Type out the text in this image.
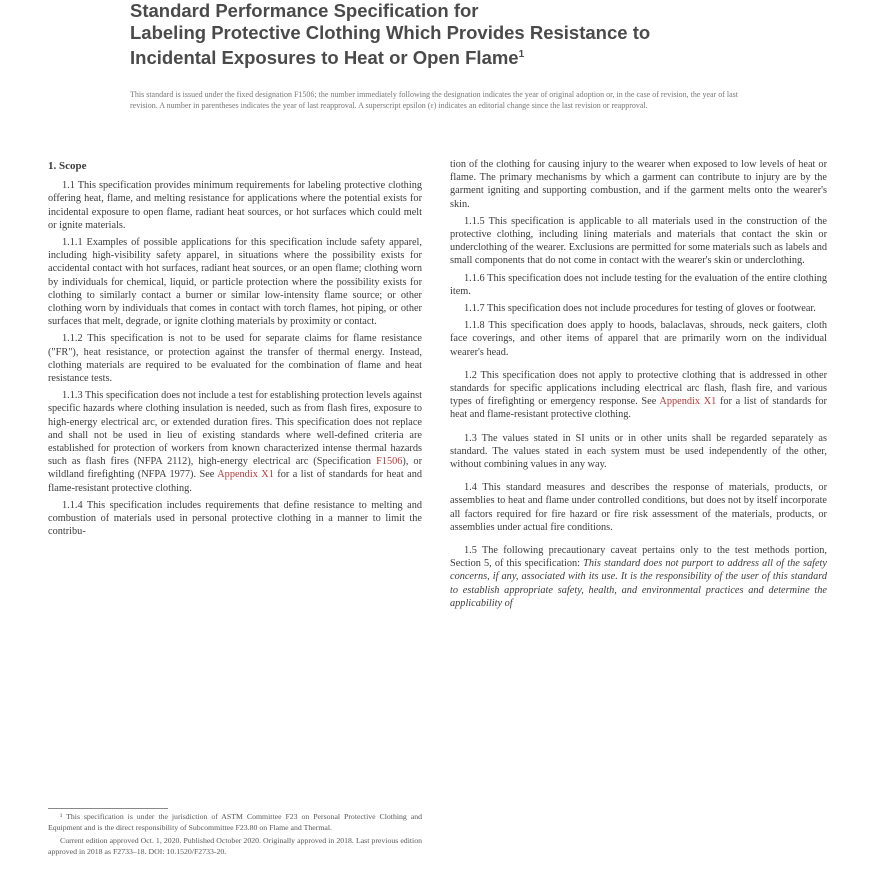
Standard Performance Specification for
Labeling Protective Clothing Which Provides Resistance to
Incidental Exposures to Heat or Open Flame$^1$
This standard is issued under the fixed designation F1506; the number immediately following the designation indicates the year of original adoption or, in the case of revision, the year of last revision. A number in parentheses indicates the year of last reapproval. A superscript epsilon (ε) indicates an editorial change since the last revision or reapproval.
1. Scope

1.1 This specification provides minimum requirements for labeling protective clothing offering heat, flame, and melting resistance for applications where the potential exists for incidental exposure to open flame, radiant heat sources, or hot surfaces which could melt or ignite materials.

1.1.1 Examples of possible applications for this specification include safety apparel, including high-visibility safety apparel, in situations where the possibility exists for accidental contact with hot surfaces, radiant heat sources, or an open flame; clothing worn by individuals for chemical, liquid, or particle protection where the possibility exists for clothing to similarly contact a burner or similar low-intensity flame source; or other clothing worn by individuals that comes in contact with torch flames, hot piping, or other surfaces that melt, degrade, or ignite clothing materials by proximity or contact.

1.1.2 This specification is not to be used for separate claims for flame resistance ("FR"), heat resistance, or protection against the transfer of thermal energy. Instead, clothing materials are required to be evaluated for the combination of flame and heat resistance tests.

1.1.3 This specification does not include a test for establishing protection levels against specific hazards where clothing insulation is needed, such as from flash fires, exposure to high-energy electrical arc, or extended duration fires. This specification does not replace and shall not be used in lieu of existing standards where well-defined criteria are established for protection of workers from known characterized intense thermal hazards such as flash fires (NFPA 2112), high-energy electrical arc (Specification F1506), or wildland firefighting (NFPA 1977). See Appendix X1 for a list of standards for heat and flame-resistant protective clothing.

1.1.4 This specification includes requirements that define resistance to melting and combustion of materials used in personal protective clothing in a manner to limit the contribu-

¹ This specification is under the jurisdiction of ASTM Committee F23 on Personal Protective Clothing and Equipment and is the direct responsibility of Subcommittee F23.80 on Flame and Thermal.

Current edition approved Oct. 1, 2020. Published October 2020. Originally approved in 2018. Last previous edition approved in 2018 as F2733–18. DOI: 10.1520/F2733-20.

tion of the clothing for causing injury to the wearer when exposed to low levels of heat or flame. The primary mechanisms by which a garment can contribute to injury are by the garment igniting and supporting combustion, and if the garment melts onto the wearer's skin.

1.1.5 This specification is applicable to all materials used in the construction of the protective clothing, including lining materials and materials that contact the skin or underclothing of the wearer. Exclusions are permitted for some materials such as labels and small components that do not come in contact with the wearer's skin or underclothing.

1.1.6 This specification does not include testing for the evaluation of the entire clothing item.

1.1.7 This specification does not include procedures for testing of gloves or footwear.

1.1.8 This specification does apply to hoods, balaclavas, shrouds, neck gaiters, cloth face coverings, and other items of apparel that are primarily worn on the individual wearer's head.

1.2 This specification does not apply to protective clothing that is addressed in other standards for specific applications including electrical arc flash, flash fire, and various types of firefighting or emergency response. See Appendix X1 for a list of standards for heat and flame-resistant protective clothing.

1.3 The values stated in SI units or in other units shall be regarded separately as standard. The values stated in each system must be used independently of the other, without combining values in any way.

1.4 This standard measures and describes the response of materials, products, or assemblies to heat and flame under controlled conditions, but does not by itself incorporate all factors required for fire hazard or fire risk assessment of the materials, products, or assemblies under actual fire conditions.

1.5 The following precautionary caveat pertains only to the test methods portion, Section 5, of this specification: This standard does not purport to address all of the safety concerns, if any, associated with its use. It is the responsibility of the user of this standard to establish appropriate safety, health, and environmental practices and determine the applicability of
